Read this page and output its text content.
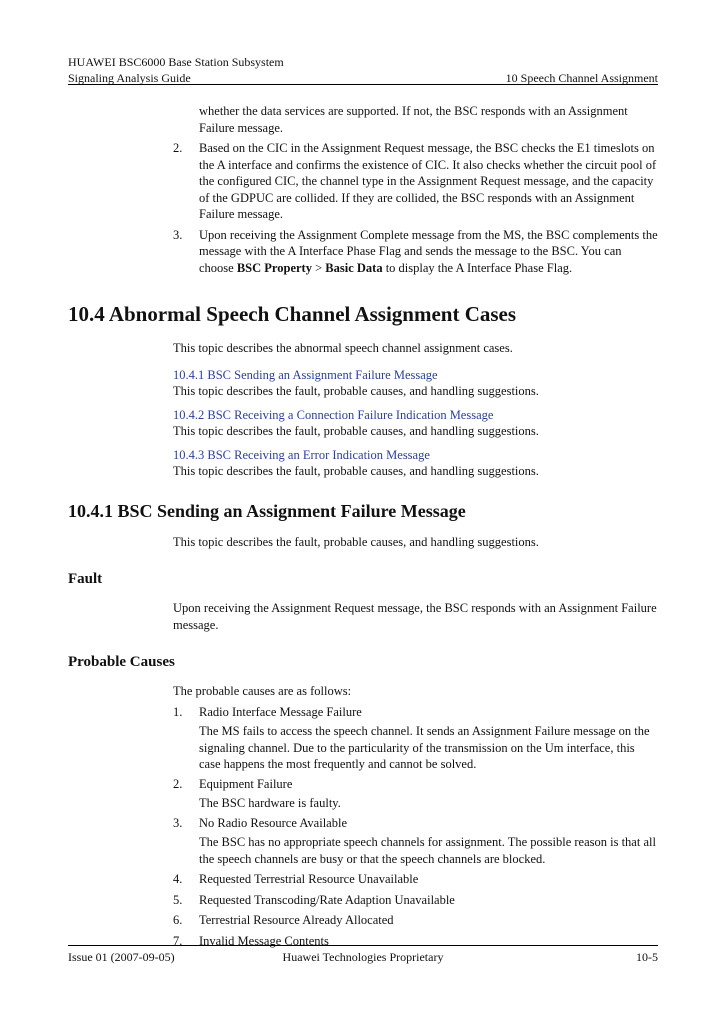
HUAWEI BSC6000 Base Station Subsystem
Signaling Analysis Guide	10 Speech Channel Assignment
whether the data services are supported. If not, the BSC responds with an Assignment Failure message.
2.	Based on the CIC in the Assignment Request message, the BSC checks the E1 timeslots on the A interface and confirms the existence of CIC. It also checks whether the circuit pool of the configured CIC, the channel type in the Assignment Request message, and the capacity of the GDPUC are collided. If they are collided, the BSC responds with an Assignment Failure message.
3.	Upon receiving the Assignment Complete message from the MS, the BSC complements the message with the A Interface Phase Flag and sends the message to the BSC. You can choose BSC Property > Basic Data to display the A Interface Phase Flag.
10.4 Abnormal Speech Channel Assignment Cases
This topic describes the abnormal speech channel assignment cases.
10.4.1 BSC Sending an Assignment Failure Message
This topic describes the fault, probable causes, and handling suggestions.
10.4.2 BSC Receiving a Connection Failure Indication Message
This topic describes the fault, probable causes, and handling suggestions.
10.4.3 BSC Receiving an Error Indication Message
This topic describes the fault, probable causes, and handling suggestions.
10.4.1 BSC Sending an Assignment Failure Message
This topic describes the fault, probable causes, and handling suggestions.
Fault
Upon receiving the Assignment Request message, the BSC responds with an Assignment Failure message.
Probable Causes
The probable causes are as follows:
1.	Radio Interface Message Failure
The MS fails to access the speech channel. It sends an Assignment Failure message on the signaling channel. Due to the particularity of the transmission on the Um interface, this case happens the most frequently and cannot be solved.
2.	Equipment Failure
The BSC hardware is faulty.
3.	No Radio Resource Available
The BSC has no appropriate speech channels for assignment. The possible reason is that all the speech channels are busy or that the speech channels are blocked.
4.	Requested Terrestrial Resource Unavailable
5.	Requested Transcoding/Rate Adaption Unavailable
6.	Terrestrial Resource Already Allocated
7.	Invalid Message Contents
Issue 01 (2007-09-05)	Huawei Technologies Proprietary	10-5
